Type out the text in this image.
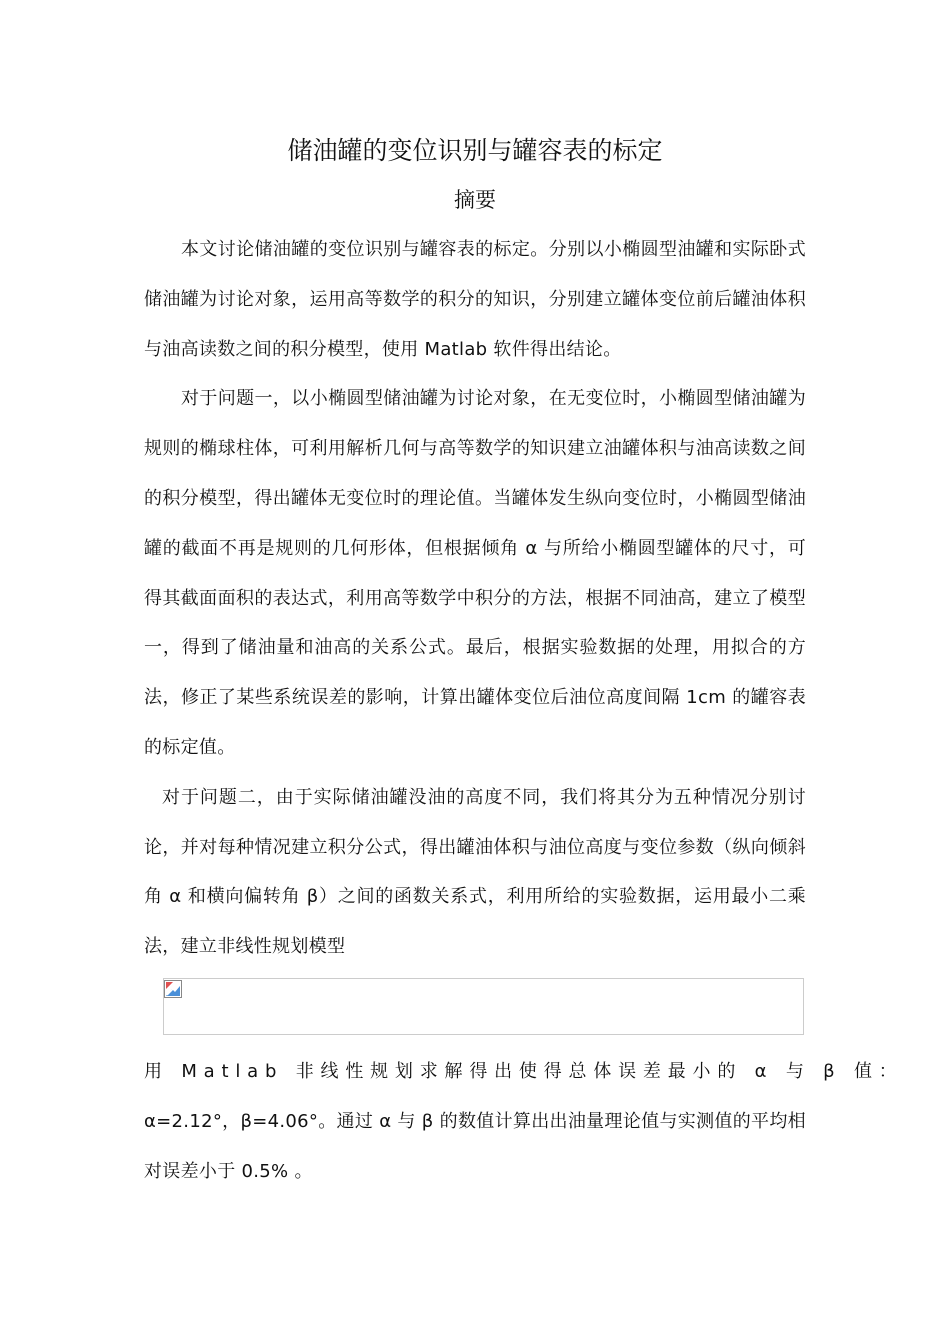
储油罐的变位识别与罐容表的标定
摘要

本文讨论储油罐的变位识别与罐容表的标定。分别以小椭圆型油罐和实际卧式储油罐为讨论对象，运用高等数学的积分的知识，分别建立罐体变位前后罐油体积与油高读数之间的积分模型，使用 Matlab 软件得出结论。

对于问题一，以小椭圆型储油罐为讨论对象，在无变位时，小椭圆型储油罐为规则的椭球柱体，可利用解析几何与高等数学的知识建立油罐体积与油高读数之间的积分模型，得出罐体无变位时的理论值。当罐体发生纵向变位时，小椭圆型储油罐的截面不再是规则的几何形体，但根据倾角 α 与所给小椭圆型罐体的尺寸，可得其截面面积的表达式，利用高等数学中积分的方法，根据不同油高，建立了模型一，得到了储油量和油高的关系公式。最后，根据实验数据的处理，用拟合的方法，修正了某些系统误差的影响，计算出罐体变位后油位高度间隔 1cm 的罐容表的标定值。

对于问题二，由于实际储油罐没油的高度不同，我们将其分为五种情况分别讨论，并对每种情况建立积分公式，得出罐油体积与油位高度与变位参数（纵向倾斜角 α 和横向偏转角 β）之间的函数关系式，利用所给的实验数据，运用最小二乘法，建立非线性规划模型

用 Matlab 非线性规划求解得出使得总体误差最小的 α 与 β 值：

α=2.12°，β=4.06°。通过 α 与 β 的数值计算出出油量理论值与实测值的平均相对误差小于 0.5% 。
